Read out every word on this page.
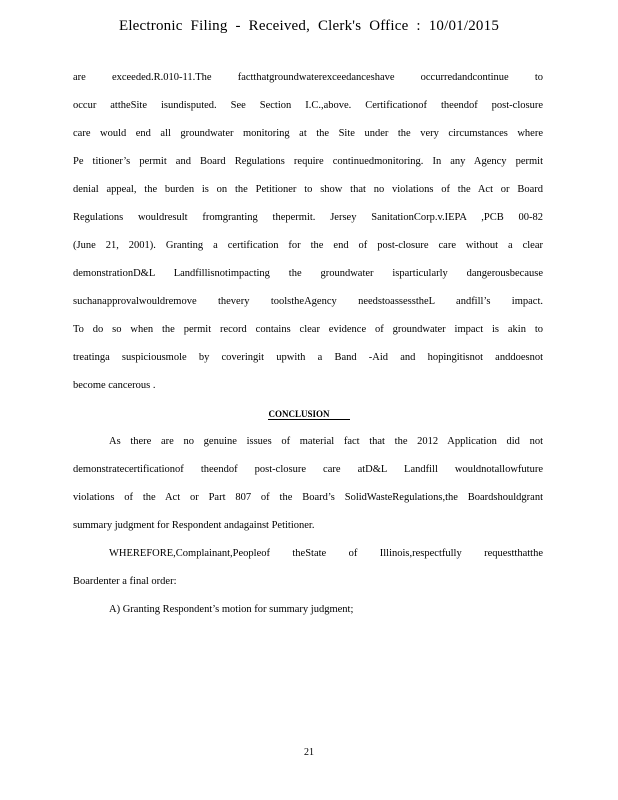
Electronic Filing - Received, Clerk's Office : 10/01/2015
are exceeded.R.010-11.The factthatgroundwaterexceedanceshave occurredandcontinue to
occur attheSite isundisputed. See Section I.C.,above. Certificationof theendof post-closure
care would end all groundwater monitoring at the Site under the very circumstances where
Pe titioner’s permit and Board Regulations require continuedmonitoring. In any Agency permit
denial appeal, the burden is on the Petitioner to show that no violations of the Act or Board
Regulations wouldresult fromgranting thepermit. Jersey SanitationCorp.v.IEPA ,PCB 00-82
(June 21, 2001). Granting a certification for the end of post-closure care without a clear
demonstrationD&L Landfillisnotimpacting the groundwater isparticularly dangerousbecause
suchanapprovalwouldremove thevery toolstheAgency needstoassesstheL andfill’s impact.
To do so when the permit record contains clear evidence of groundwater impact is akin to
treatinga suspiciousmole by coveringit upwith a Band -Aid and hopingitisnot anddoesnot
become cancerous .
CONCLUSION
As there are no genuine issues of material fact that the 2012 Application did not
demonstratecertificationof theendof post-closure care atD&L Landfill wouldnotallowfuture
violations of the Act or Part 807 of the Board’s SolidWasteRegulations,the Boardshouldgrant
summary judgment for Respondent andagainst Petitioner.
WHEREFORE,Complainant,Peopleof theState of Illinois,respectfully requestthatthe
Boardenter a final order:
A) Granting Respondent’s motion for summary judgment;
21
